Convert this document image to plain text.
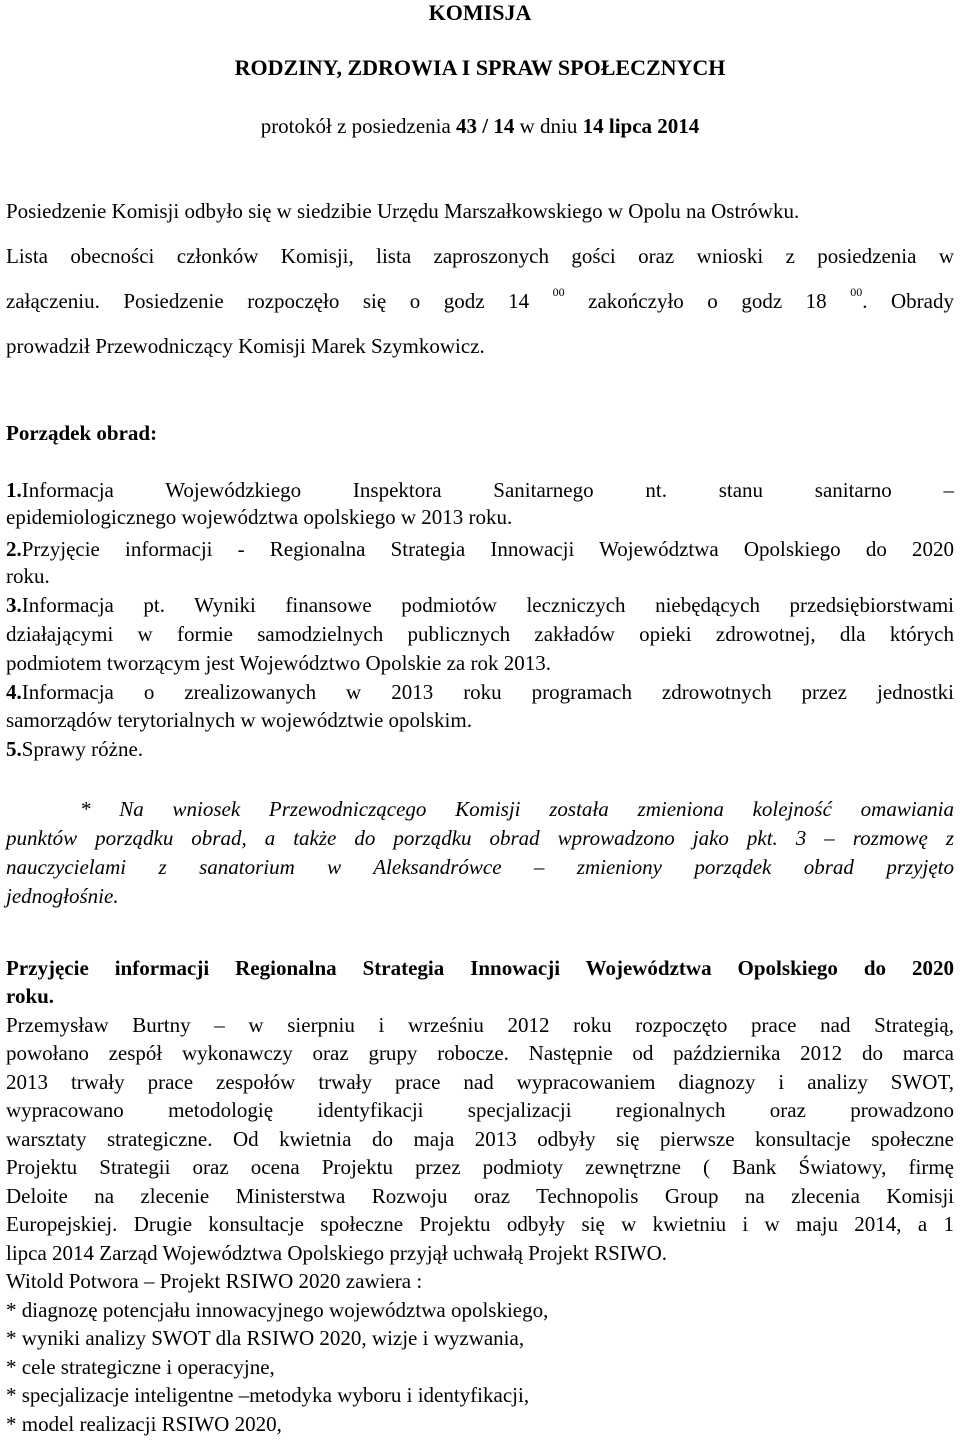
KOMISJA
RODZINY, ZDROWIA I SPRAW SPOŁECZNYCH
protokół z posiedzenia 43 / 14 w dniu 14 lipca 2014
Posiedzenie Komisji odbyło się w siedzibie Urzędu Marszałkowskiego w Opolu na Ostrówku.
Lista obecności członków Komisji, lista zaproszonych gości oraz wnioski z posiedzenia w
załączeniu. Posiedzenie rozpoczęło się o godz 14 $^{00}$ zakończyło o godz 18 $^{00}$. Obrady
prowadził Przewodniczący Komisji Marek Szymkowicz.
Porządek obrad:
1.Informacja Wojewódzkiego Inspektora Sanitarnego nt. stanu sanitarno –
epidemiologicznego województwa opolskiego w 2013 roku.
2.Przyjęcie informacji - Regionalna Strategia Innowacji Województwa Opolskiego do 2020
roku.
3.Informacja pt. Wyniki finansowe podmiotów leczniczych niebędących przedsiębiorstwami
działającymi w formie samodzielnych publicznych zakładów opieki zdrowotnej, dla których
podmiotem tworzącym jest Województwo Opolskie za rok 2013.
4.Informacja o zrealizowanych w 2013 roku programach zdrowotnych przez jednostki
samorządów terytorialnych w województwie opolskim.
5.Sprawy różne.
* Na wniosek Przewodniczącego Komisji została zmieniona kolejność omawiania
punktów porządku obrad, a także do porządku obrad wprowadzono jako pkt. 3 – rozmowę z
nauczycielami z sanatorium w Aleksandrówce – zmieniony porządek obrad przyjęto
jednogłośnie.
Przyjęcie informacji Regionalna Strategia Innowacji Województwa Opolskiego do 2020
roku.
Przemysław Burtny – w sierpniu i wrześniu 2012 roku rozpoczęto prace nad Strategią,
powołano zespół wykonawczy oraz grupy robocze. Następnie od października 2012 do marca
2013 trwały prace zespołów trwały prace nad wypracowaniem diagnozy i analizy SWOT,
wypracowano metodologię identyfikacji specjalizacji regionalnych oraz prowadzono
warsztaty strategiczne. Od kwietnia do maja 2013 odbyły się pierwsze konsultacje społeczne
Projektu Strategii oraz ocena Projektu przez podmioty zewnętrzne ( Bank Światowy, firmę
Deloite na zlecenie Ministerstwa Rozwoju oraz Technopolis Group na zlecenia Komisji
Europejskiej. Drugie konsultacje społeczne Projektu odbyły się w kwietniu i w maju 2014, a 1
lipca 2014 Zarząd Województwa Opolskiego przyjął uchwałą Projekt RSIWO.
Witold Potwora – Projekt RSIWO 2020 zawiera :
* diagnozę potencjału innowacyjnego województwa opolskiego,
* wyniki analizy SWOT dla RSIWO 2020, wizje i wyzwania,
* cele strategiczne i operacyjne,
* specjalizacje inteligentne –metodyka wyboru i identyfikacji,
* model realizacji RSIWO 2020,
